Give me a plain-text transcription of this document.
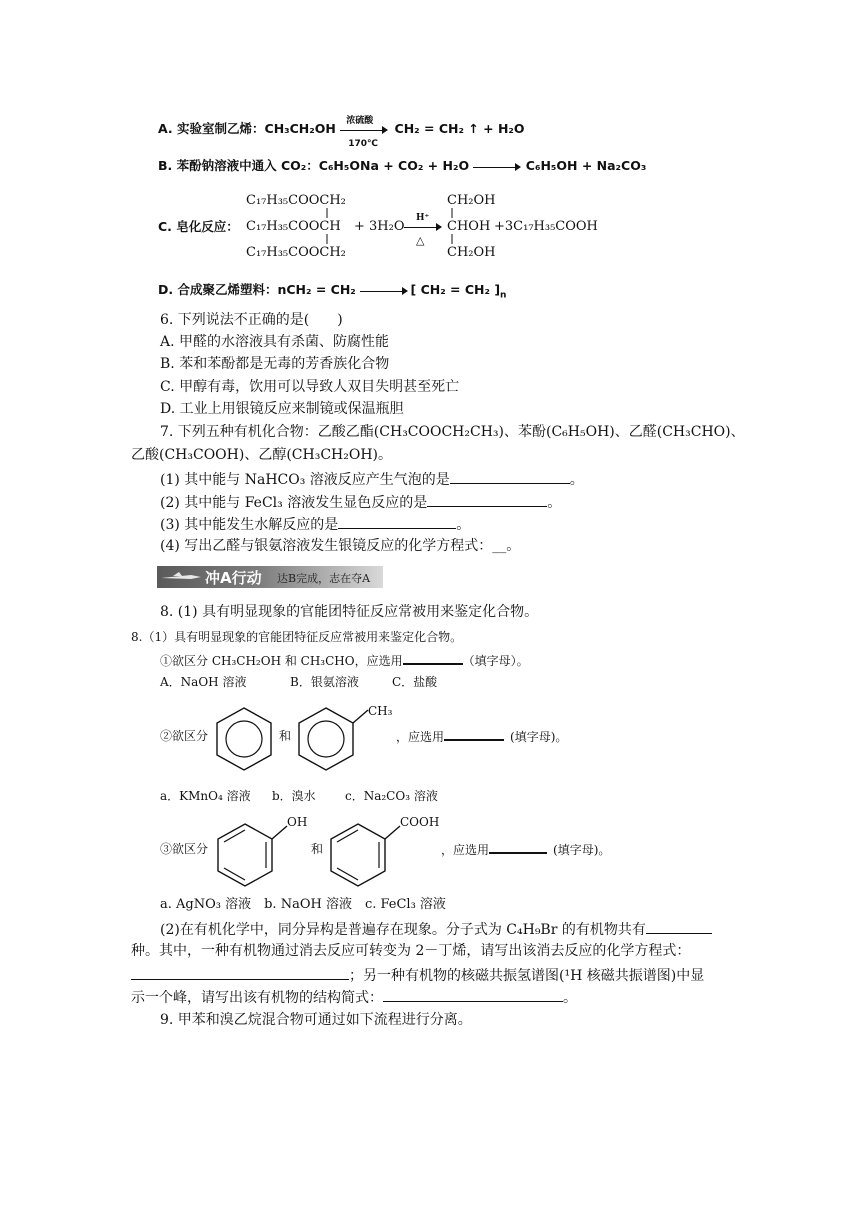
A. 实验室制乙烯：CH₃CH₂OH
浓硫酸
170℃
CH₂ = CH₂ ↑ + H₂O
B. 苯酚钠溶液中通入 CO₂：C₆H₅ONa + CO₂ + H₂O	C₆H₅OH + Na₂CO₃
C. 皂化反应：
C₁₇H₃₅COOCH₂
C₁₇H₃₅COOCH
C₁₇H₃₅COOCH₂
+ 3H₂O
H⁺
△
CH₂OH
CHOH
CH₂OH
+3C₁₇H₃₅COOH
D. 合成聚乙烯塑料：nCH₂ = CH₂	[ CH₂ = CH₂ ]$_n$
6. 下列说法不正确的是(　　)
A. 甲醛的水溶液具有杀菌、防腐性能
B. 苯和苯酚都是无毒的芳香族化合物
C. 甲醇有毒，饮用可以导致人双目失明甚至死亡
D. 工业上用银镜反应来制镜或保温瓶胆
7. 下列五种有机化合物：乙酸乙酯(CH₃COOCH₂CH₃)、苯酚(C₆H₅OH)、乙醛(CH₃CHO)、
乙酸(CH₃COOH)、乙醇(CH₃CH₂OH)。
(1) 其中能与 NaHCO₃ 溶液反应产生气泡的是	。
(2) 其中能与 FeCl₃ 溶液发生显色反应的是	。
(3) 其中能发生水解反应的是	。
(4) 写出乙醛与银氨溶液发生银镜反应的化学方程式：__。
冲A行动 达B完成，志在夺A
8. (1) 具有明显现象的官能团特征反应常被用来鉴定化合物。
8.（1）具有明显现象的官能团特征反应常被用来鉴定化合物。
①欲区分 CH₃CH₂OH 和 CH₃CHO，应选用	（填字母）。
A．NaOH 溶液	B．银氨溶液	C．盐酸
②欲区分	和
CH₃
，应选用	(填字母)。
a．KMnO₄ 溶液 b．溴水 c．Na₂CO₃ 溶液
③欲区分
OH
和
COOH
，应选用	(填字母)。
a. AgNO₃ 溶液　b. NaOH 溶液　c. FeCl₃ 溶液
(2)在有机化学中，同分异构是普遍存在现象。分子式为 C₄H₉Br 的有机物共有
种。其中，一种有机物通过消去反应可转变为 2－丁烯，请写出该消去反应的化学方程式：
；另一种有机物的核磁共振氢谱图(¹H 核磁共振谱图)中显
示一个峰，请写出该有机物的结构简式：	。
9. 甲苯和溴乙烷混合物可通过如下流程进行分离。
